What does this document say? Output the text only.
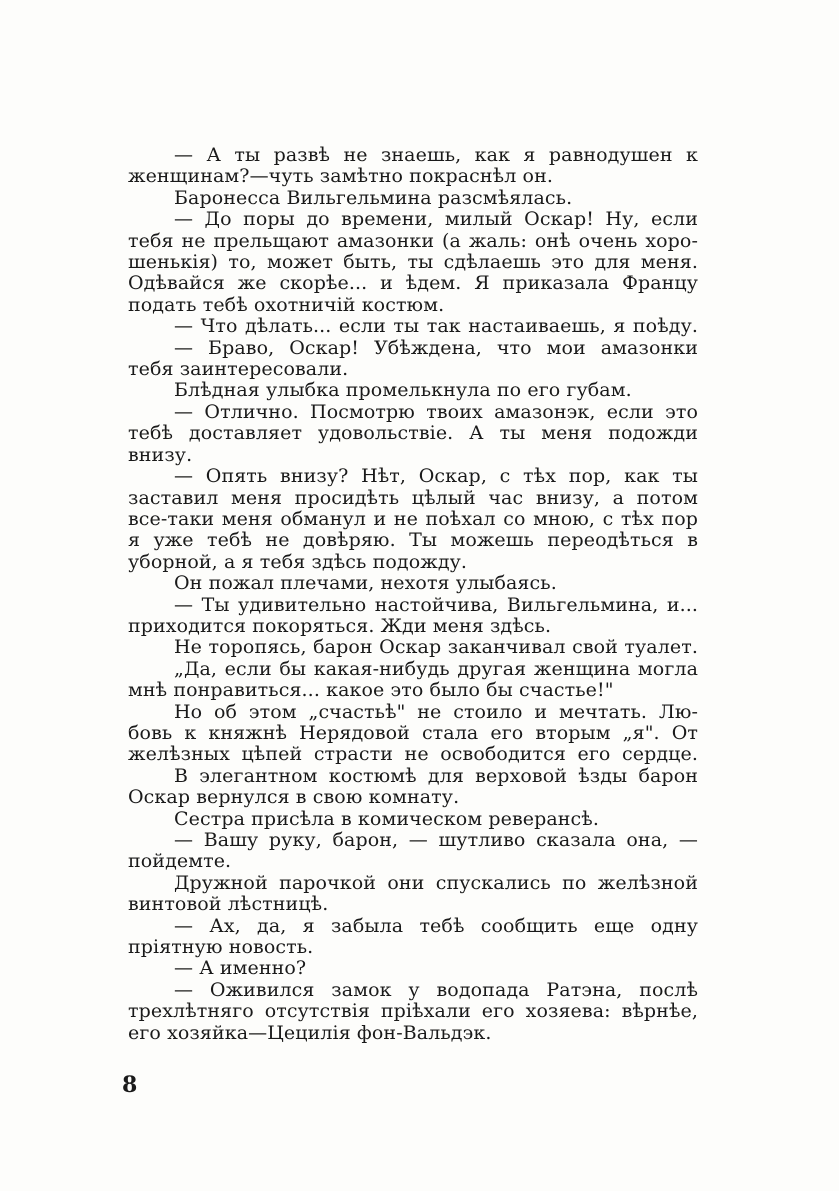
— А ты развѣ не знаешь, как я равнодушен к
женщинам?—чуть замѣтно покраснѣл он.
Баронесса Вильгельмина разсмѣялась.
— До поры до времени, милый Оскар! Ну, если
тебя не прельщают амазонки (а жаль: онѣ очень хоро-
шенькія) то, может быть, ты сдѣлаешь это для меня.
Одѣвайся же скорѣе... и ѣдем. Я приказала Францу
подать тебѣ охотничій костюм.
— Что дѣлать... если ты так настаиваешь, я поѣду.
— Браво, Оскар! Убѣждена, что мои амазонки
тебя заинтересовали.
Блѣдная улыбка промелькнула по его губам.
— Отлично. Посмотрю твоих амазонэк, если это
тебѣ доставляет удовольствіе. А ты меня подожди
внизу.
— Опять внизу? Нѣт, Оскар, с тѣх пор, как ты
заставил меня просидѣть цѣлый час внизу, а потом
все-таки меня обманул и не поѣхал со мною, с тѣх пор
я уже тебѣ не довѣряю. Ты можешь переодѣться в
уборной, а я тебя здѣсь подожду.
Он пожал плечами, нехотя улыбаясь.
— Ты удивительно настойчива, Вильгельмина, и...
приходится покоряться. Жди меня здѣсь.
Не торопясь, барон Оскар заканчивал свой туалет.
„Да, если бы какая-нибудь другая женщина могла
мнѣ понравиться... какое это было бы счастье!"
Но об этом „счастьѣ" не стоило и мечтать. Лю-
бовь к княжнѣ Нерядовой стала его вторым „я". От
желѣзных цѣпей страсти не освободится его сердце.
В элегантном костюмѣ для верховой ѣзды барон
Оскар вернулся в свою комнату.
Сестра присѣла в комическом реверансѣ.
— Вашу руку, барон, — шутливо сказала она, —
пойдемте.
Дружной парочкой они спускались по желѣзной
винтовой лѣстницѣ.
— Ах, да, я забыла тебѣ сообщить еще одну
пріятную новость.
— А именно?
— Оживился замок у водопада Ратэна, послѣ
трехлѣтняго отсутствія пріѣхали его хозяева: вѣрнѣе,
его хозяйка—Цецилія фон-Вальдэк.
8
